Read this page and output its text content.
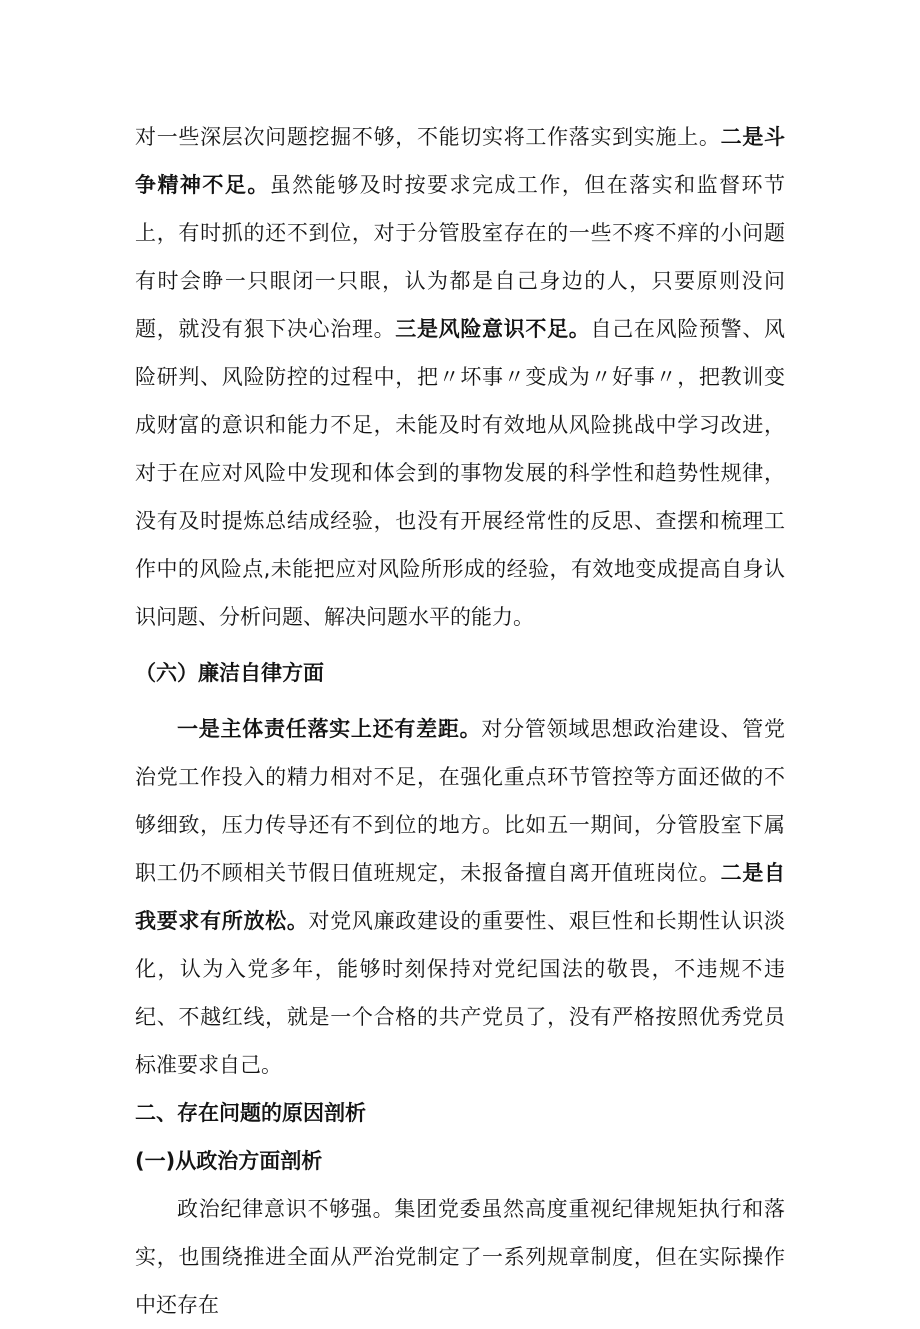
对一些深层次问题挖掘不够，不能切实将工作落实到实施上。二是斗争精神不足。虽然能够及时按要求完成工作，但在落实和监督环节上，有时抓的还不到位，对于分管股室存在的一些不疼不痒的小问题有时会睁一只眼闭一只眼，认为都是自己身边的人，只要原则没问题，就没有狠下决心治理。三是风险意识不足。自己在风险预警、风险研判、风险防控的过程中，把〃坏事〃变成为〃好事〃，把教训变成财富的意识和能力不足，未能及时有效地从风险挑战中学习改进，对于在应对风险中发现和体会到的事物发展的科学性和趋势性规律，没有及时提炼总结成经验，也没有开展经常性的反思、查摆和梳理工作中的风险点,未能把应对风险所形成的经验，有效地变成提高自身认识问题、分析问题、解决问题水平的能力。

（六）廉洁自律方面

一是主体责任落实上还有差距。对分管领域思想政治建设、管党治党工作投入的精力相对不足，在强化重点环节管控等方面还做的不够细致，压力传导还有不到位的地方。比如五一期间，分管股室下属职工仍不顾相关节假日值班规定，未报备擅自离开值班岗位。二是自我要求有所放松。对党风廉政建设的重要性、艰巨性和长期性认识淡化，认为入党多年，能够时刻保持对党纪国法的敬畏，不违规不违纪、不越红线，就是一个合格的共产党员了，没有严格按照优秀党员标准要求自己。

二、存在问题的原因剖析

(一)从政治方面剖析

政治纪律意识不够强。集团党委虽然高度重视纪律规矩执行和落实，也围绕推进全面从严治党制定了一系列规章制度，但在实际操作中还存在
